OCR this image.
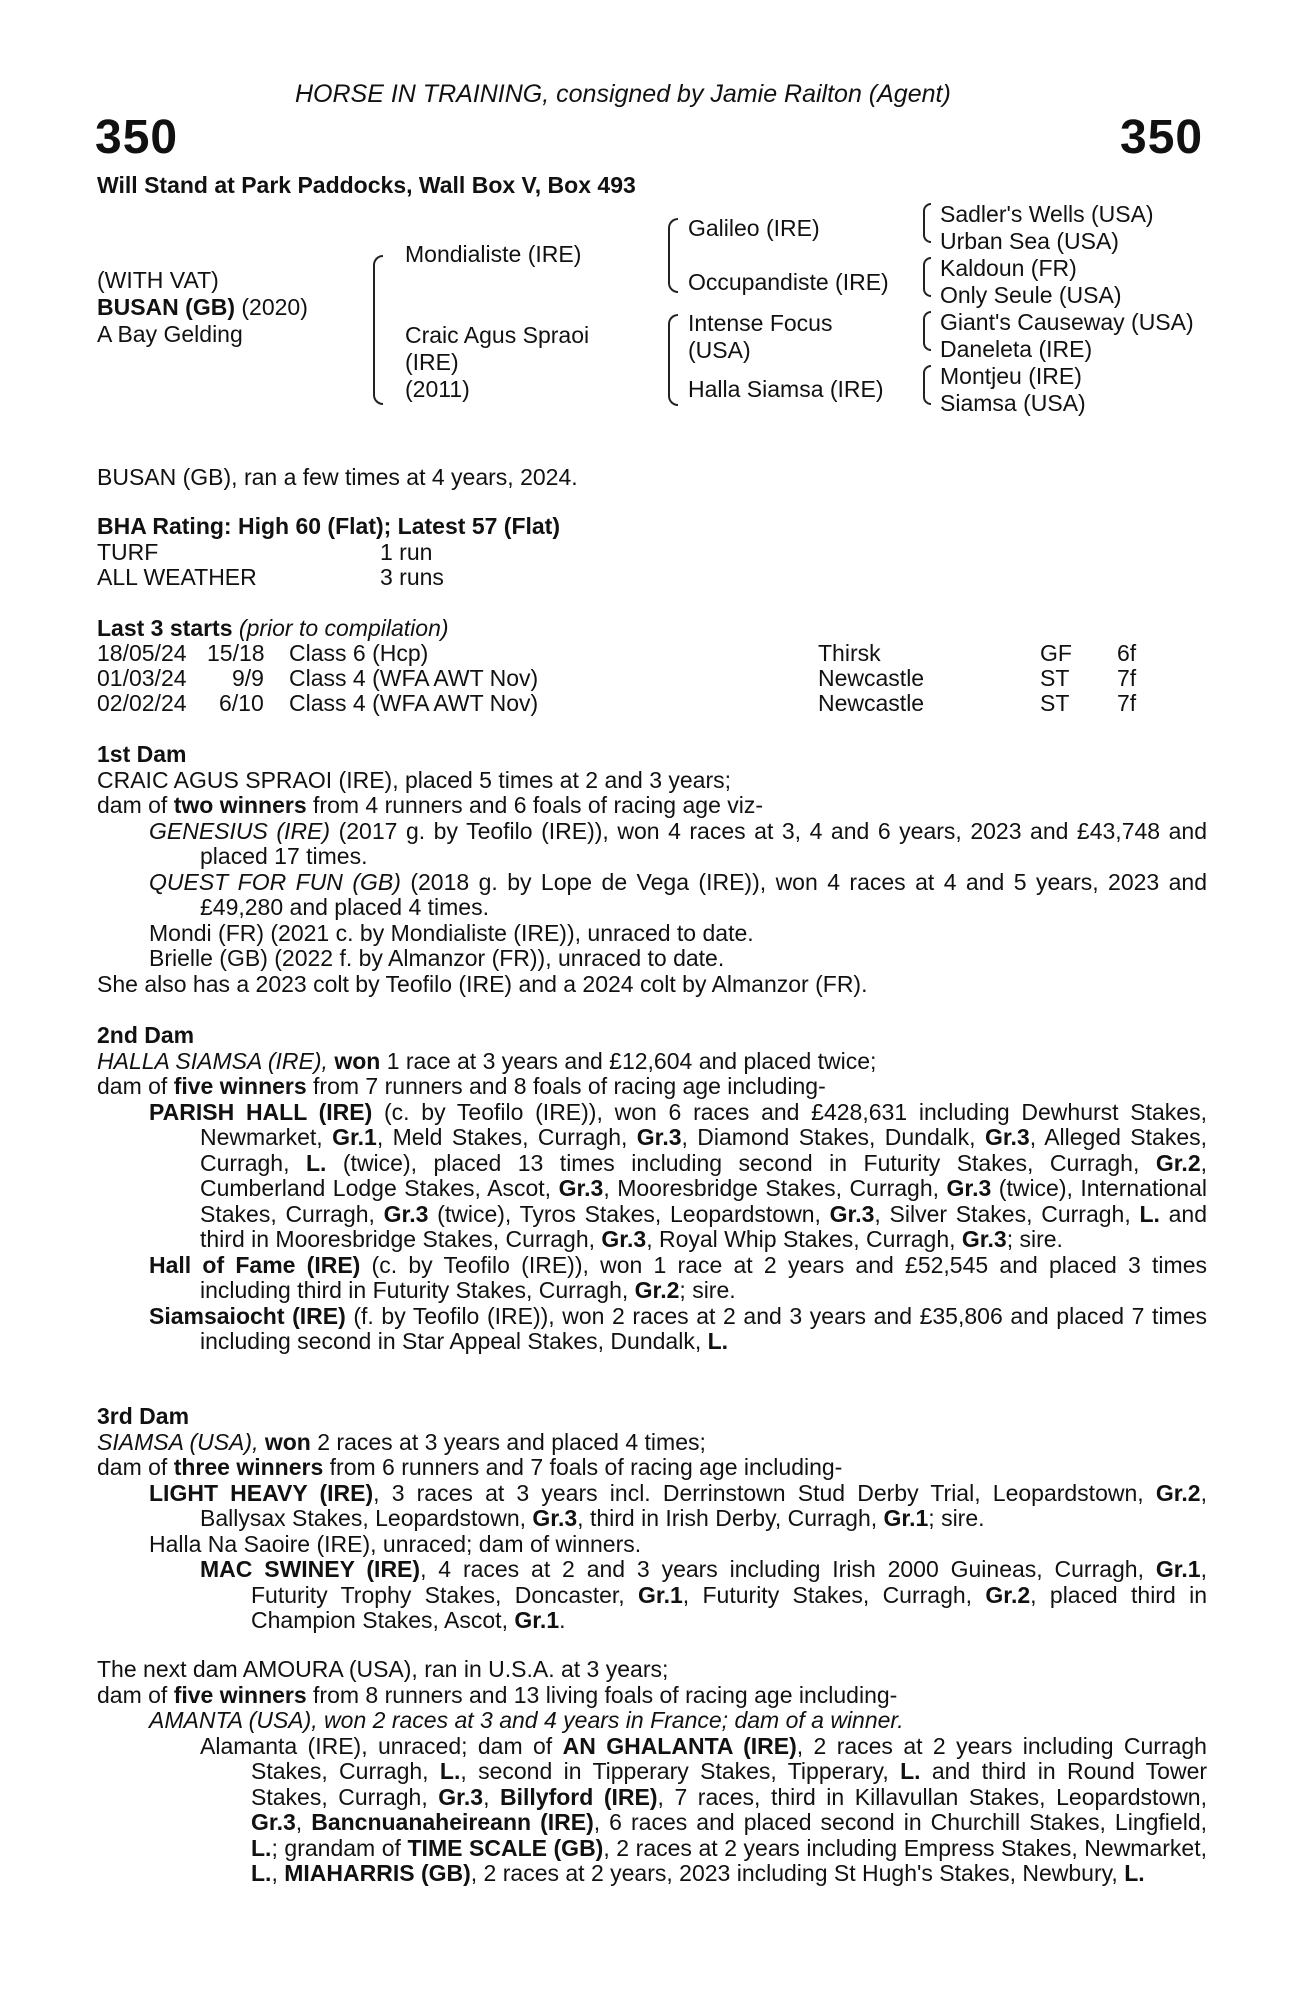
HORSE IN TRAINING, consigned by Jamie Railton (Agent)
350	350
Will Stand at Park Paddocks, Wall Box V, Box 493
(WITH VAT)
BUSAN (GB) (2020)
A Bay Gelding
Mondialiste (IRE)
Craic Agus Spraoi
(IRE)
(2011)
Galileo (IRE)
Occupandiste (IRE)
Intense Focus
(USA)
Halla Siamsa (IRE)
Sadler's Wells (USA)
Urban Sea (USA)
Kaldoun (FR)
Only Seule (USA)
Giant's Causeway (USA)
Daneleta (IRE)
Montjeu (IRE)
Siamsa (USA)
BUSAN (GB), ran a few times at 4 years, 2024.
BHA Rating: High 60 (Flat); Latest 57 (Flat)
TURF	1 run
ALL WEATHER	3 runs
Last 3 starts (prior to compilation)
18/05/24 15/18 Class 6 (Hcp)	Thirsk	GF 6f
01/03/24 9/9 Class 4 (WFA AWT Nov)	Newcastle	ST 7f
02/02/24 6/10 Class 4 (WFA AWT Nov)	Newcastle	ST 7f

1st Dam

CRAIC AGUS SPRAOI (IRE), placed 5 times at 2 and 3 years;

dam of two winners from 4 runners and 6 foals of racing age viz-

GENESIUS (IRE) (2017 g. by Teofilo (IRE)), won 4 races at 3, 4 and 6 years, 2023 and £43,748 and placed 17 times.

QUEST FOR FUN (GB) (2018 g. by Lope de Vega (IRE)), won 4 races at 4 and 5 years, 2023 and £49,280 and placed 4 times.

Mondi (FR) (2021 c. by Mondialiste (IRE)), unraced to date.

Brielle (GB) (2022 f. by Almanzor (FR)), unraced to date.

She also has a 2023 colt by Teofilo (IRE) and a 2024 colt by Almanzor (FR).

2nd Dam

HALLA SIAMSA (IRE), won 1 race at 3 years and £12,604 and placed twice;

dam of five winners from 7 runners and 8 foals of racing age including-

PARISH HALL (IRE) (c. by Teofilo (IRE)), won 6 races and £428,631 including Dewhurst Stakes, Newmarket, Gr.1, Meld Stakes, Curragh, Gr.3, Diamond Stakes, Dundalk, Gr.3, Alleged Stakes, Curragh, L. (twice), placed 13 times including second in Futurity Stakes, Curragh, Gr.2, Cumberland Lodge Stakes, Ascot, Gr.3, Mooresbridge Stakes, Curragh, Gr.3 (twice), International Stakes, Curragh, Gr.3 (twice), Tyros Stakes, Leopardstown, Gr.3, Silver Stakes, Curragh, L. and third in Mooresbridge Stakes, Curragh, Gr.3, Royal Whip Stakes, Curragh, Gr.3; sire.

Hall of Fame (IRE) (c. by Teofilo (IRE)), won 1 race at 2 years and £52,545 and placed 3 times including third in Futurity Stakes, Curragh, Gr.2; sire.

Siamsaiocht (IRE) (f. by Teofilo (IRE)), won 2 races at 2 and 3 years and £35,806 and placed 7 times including second in Star Appeal Stakes, Dundalk, L.

3rd Dam

SIAMSA (USA), won 2 races at 3 years and placed 4 times;

dam of three winners from 6 runners and 7 foals of racing age including-

LIGHT HEAVY (IRE), 3 races at 3 years incl. Derrinstown Stud Derby Trial, Leopardstown, Gr.2, Ballysax Stakes, Leopardstown, Gr.3, third in Irish Derby, Curragh, Gr.1; sire.

Halla Na Saoire (IRE), unraced; dam of winners.

MAC SWINEY (IRE), 4 races at 2 and 3 years including Irish 2000 Guineas, Curragh, Gr.1, Futurity Trophy Stakes, Doncaster, Gr.1, Futurity Stakes, Curragh, Gr.2, placed third in Champion Stakes, Ascot, Gr.1.

The next dam AMOURA (USA), ran in U.S.A. at 3 years;

dam of five winners from 8 runners and 13 living foals of racing age including-

AMANTA (USA), won 2 races at 3 and 4 years in France; dam of a winner.

Alamanta (IRE), unraced; dam of AN GHALANTA (IRE), 2 races at 2 years including Curragh Stakes, Curragh, L., second in Tipperary Stakes, Tipperary, L. and third in Round Tower Stakes, Curragh, Gr.3, Billyford (IRE), 7 races, third in Killavullan Stakes, Leopardstown, Gr.3, Bancnuanaheireann (IRE), 6 races and placed second in Churchill Stakes, Lingfield, L.; grandam of TIME SCALE (GB), 2 races at 2 years including Empress Stakes, Newmarket, L., MIAHARRIS (GB), 2 races at 2 years, 2023 including St Hugh's Stakes, Newbury, L.
